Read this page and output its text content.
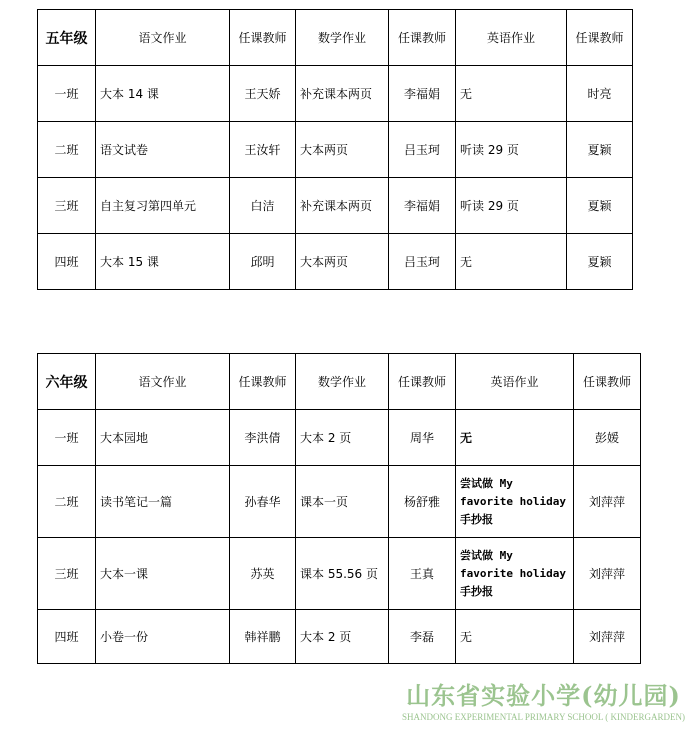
五年级	语文作业	任课教师	数学作业	任课教师	英语作业	任课教师
一班	大本 14 课	王天娇	补充课本两页	李福娟	无	时亮
二班	语文试卷	王汝轩	大本两页	吕玉珂	听读 29 页	夏颖
三班	自主复习第四单元	白洁	补充课本两页	李福娟	听读 29 页	夏颖
四班	大本 15 课	邱明	大本两页	吕玉珂	无	夏颖
六年级	语文作业	任课教师	数学作业	任课教师	英语作业	任课教师
一班	大本园地	李洪倩	大本 2 页	周华	无	彭媛
二班	读书笔记一篇	孙春华	课本一页	杨舒雅	尝试做 My
favorite holiday
手抄报	刘萍萍
三班	大本一课	苏英	课本 55.56 页	王真	尝试做 My
favorite holiday
手抄报	刘萍萍
四班	小卷一份	韩祥鹏	大本 2 页	李磊	无	刘萍萍
山东省实验小学(幼儿园)
SHANDONG EXPERIMENTAL PRIMARY SCHOOL ( KINDERGARDEN)
